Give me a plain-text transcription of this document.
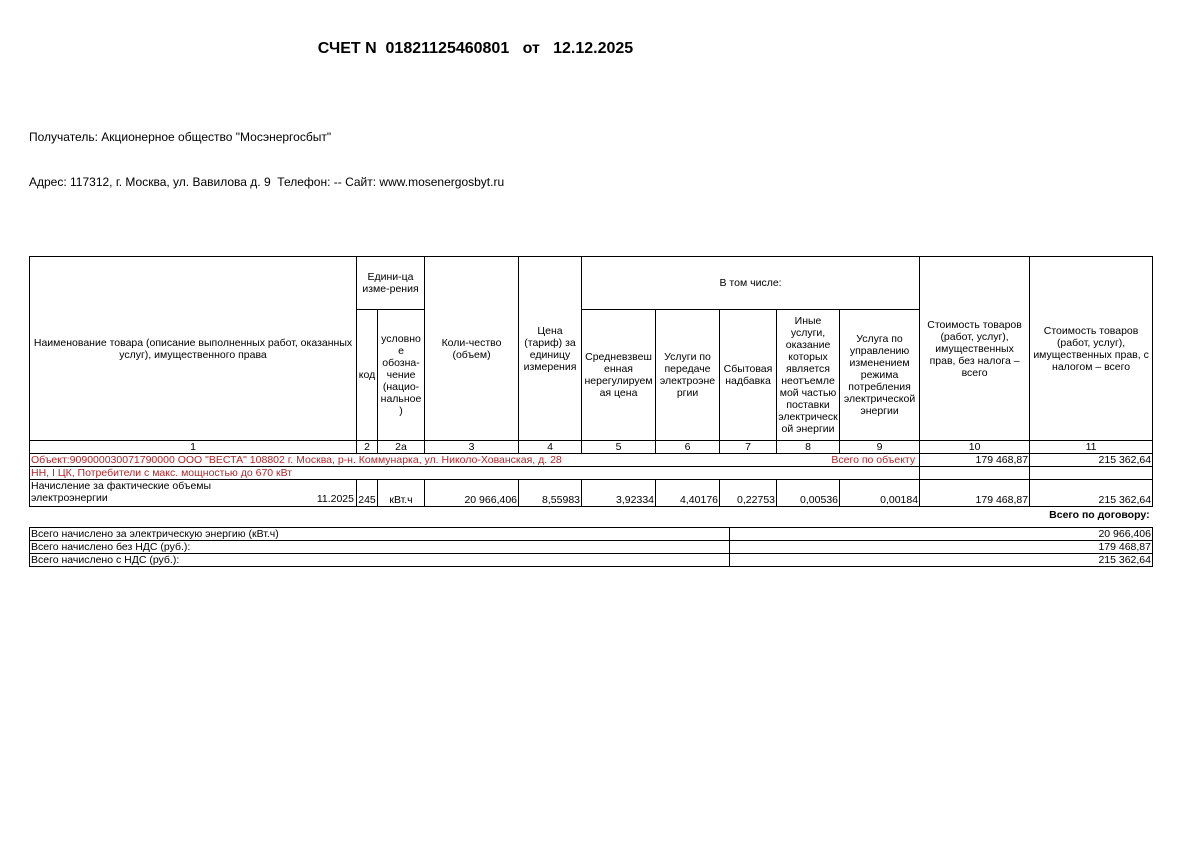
СЧЕТ N  01821125460801   от   12.12.2025

Получатель: Акционерное общество "Мосэнергосбыт"

Адрес: 117312, г. Москва, ул. Вавилова д. 9  Телефон: -- Сайт: www.mosenergosbyt.ru

Наименование товара (описание выполненных работ, оказанных услуг), имущественного права	Едини-ца изме-рения		Коли-чество (объем)	Цена (тариф) за единицу измерения	В том числе:					Стоимость товаров (работ, услуг), имущественных прав, без налога – всего	Стоимость товаров (работ, услуг), имущественных прав, с налогом – всего
	код	условное обозна-чение (нацио-нальное)			Средневзвешенная нерегулируемая цена	Услуги по передаче электроэнергии	Сбытовая надбавка	Иные услуги, оказание которых является неотъемлемой частью поставки электрической энергии	Услуга по управлению изменением режима потребления электрической энергии		
1	2	2а	3	4	5	6	7	8	9	10	11
Объект:909000030071790000 ООО "ВЕСТА" 108802 г. Москва, р-н. Коммунарка, ул. Николо-Хованская, д. 28 Всего по объекту										179 468,87	215 362,64
НН, I ЦК, Потребители с макс. мощностью до 670 кВт											

Начисление за фактические объемы электроэнергии 11.2025	245	кВт.ч	20 966,406	8,55983	3,92334	4,40176	0,22753	0,00536	0,00184	179 468,87	215 362,64
Всего по договору:											
Всего начислено за электрическую энергию (кВт.ч)	20 966,406
Всего начислено без НДС (руб.):	179 468,87
Всего начислено с НДС (руб.):	215 362,64
